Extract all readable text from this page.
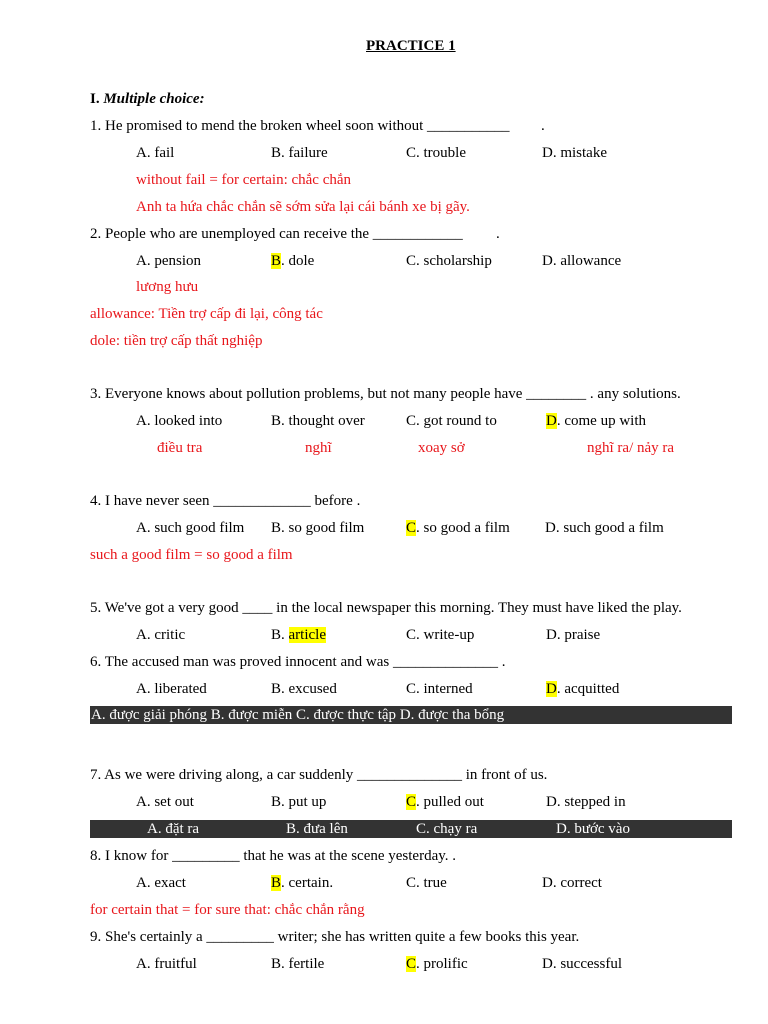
PRACTICE 1
I. Multiple choice:
1. He promised to mend the broken wheel soon without ___________ .
A. fail	B. failure	C. trouble	D. mistake
without fail = for certain: chắc chắn
Anh ta hứa chắc chắn sẽ sớm sửa lại cái bánh xe bị gãy.
2. People who are unemployed can receive the ____________ .
A. pension	B. dole	C. scholarship	D. allowance
lương hưu
allowance: Tiền trợ cấp đi lại, công tác
dole: tiền trợ cấp thất nghiệp
3. Everyone knows about pollution problems, but not many people have ________ . any solutions.
A. looked into	B. thought over	C. got round to	D. come up with
điều tra	nghĩ	xoay sở	nghĩ ra/ nảy ra
4. I have never seen _____________ before .
A. such good film B. so good film	C. so good a film D. such good a film
such a good film = so good a film
5. We've got a very good ____ in the local newspaper this morning. They must have liked the play.
A. critic	B. article	C. write-up	D. praise
6. The accused man was proved innocent and was ______________ .
A. liberated	B. excused	C. interned	D. acquitted
A. được giải phóng B. được miễn C. được thực tập D. được tha bổng
7. As we were driving along, a car suddenly ______________ in front of us.
A. set out	B. put up	C. pulled out	D. stepped in
A. đặt ra	B. đưa lên	C. chạy ra	D. bước vào
8. I know for _________ that he was at the scene yesterday. .
A. exact	B. certain.	C. true	D. correct
for certain that = for sure that: chắc chắn rằng
9. She's certainly a _________ writer; she has written quite a few books this year.
A. fruitful	B. fertile	C. prolific	D. successful
